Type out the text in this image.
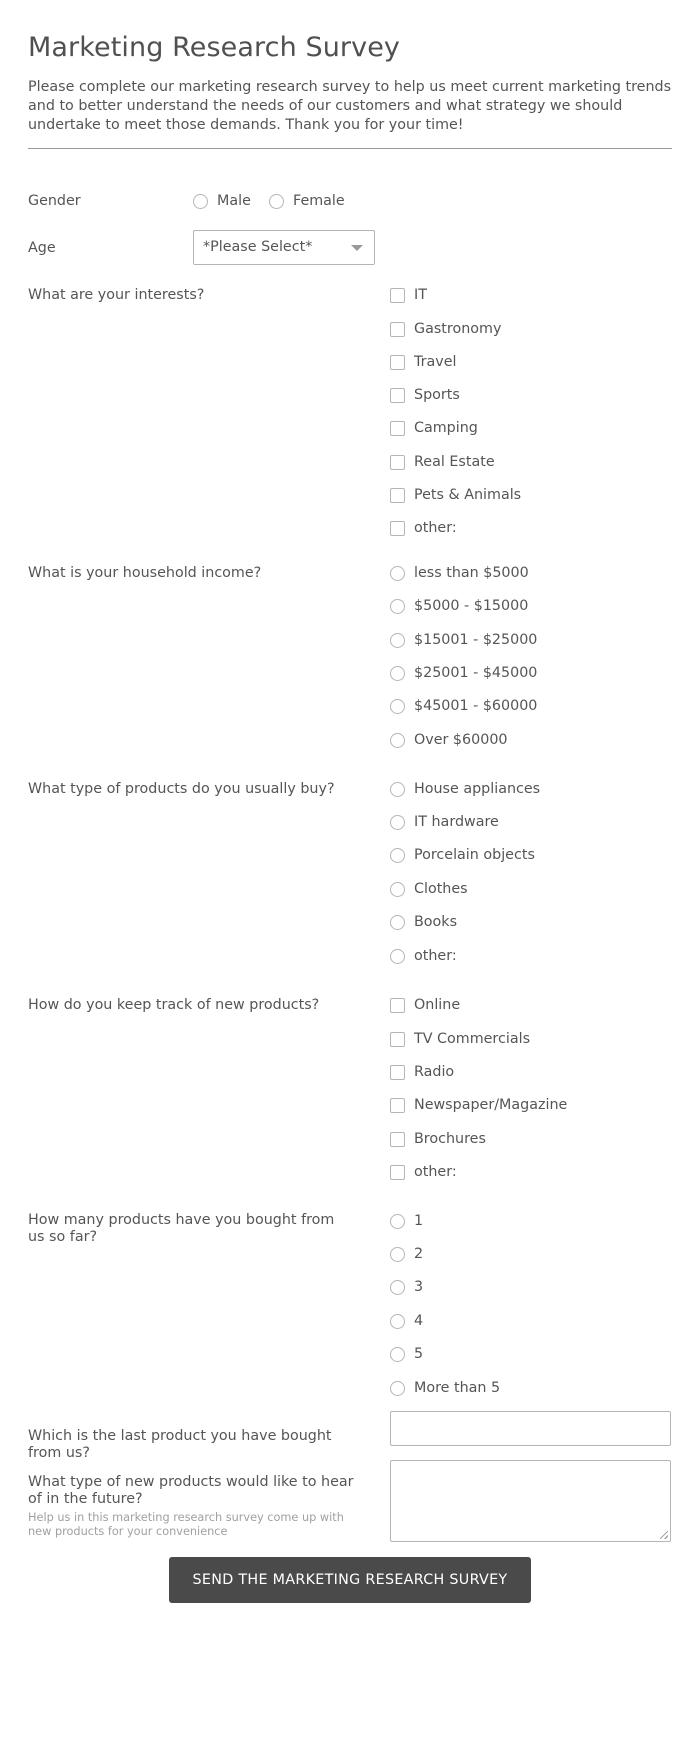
Marketing Research Survey

Please complete our marketing research survey to help us meet current marketing trends and to better understand the needs of our customers and what strategy we should undertake to meet those demands. Thank you for your time!

Gender	Male	Female
Age	*Please Select*
What are your interests?	IT
Gastronomy
Travel
Sports
Camping
Real Estate
Pets & Animals
other:
What is your household income?	less than $5000
$5000 - $15000
$15001 - $25000
$25001 - $45000
$45001 - $60000
Over $60000
What type of products do you usually buy?	House appliances
IT hardware
Porcelain objects
Clothes
Books
other:
How do you keep track of new products?	Online
TV Commercials
Radio
Newspaper/Magazine
Brochures
other:
How many products have you bought from us so far?
1
2
3
4
5
More than 5
Which is the last product you have bought from us?
What type of new products would like to hear of in the future?
Help us in this marketing research survey come up with new products for your convenience
SEND THE MARKETING RESEARCH SURVEY
